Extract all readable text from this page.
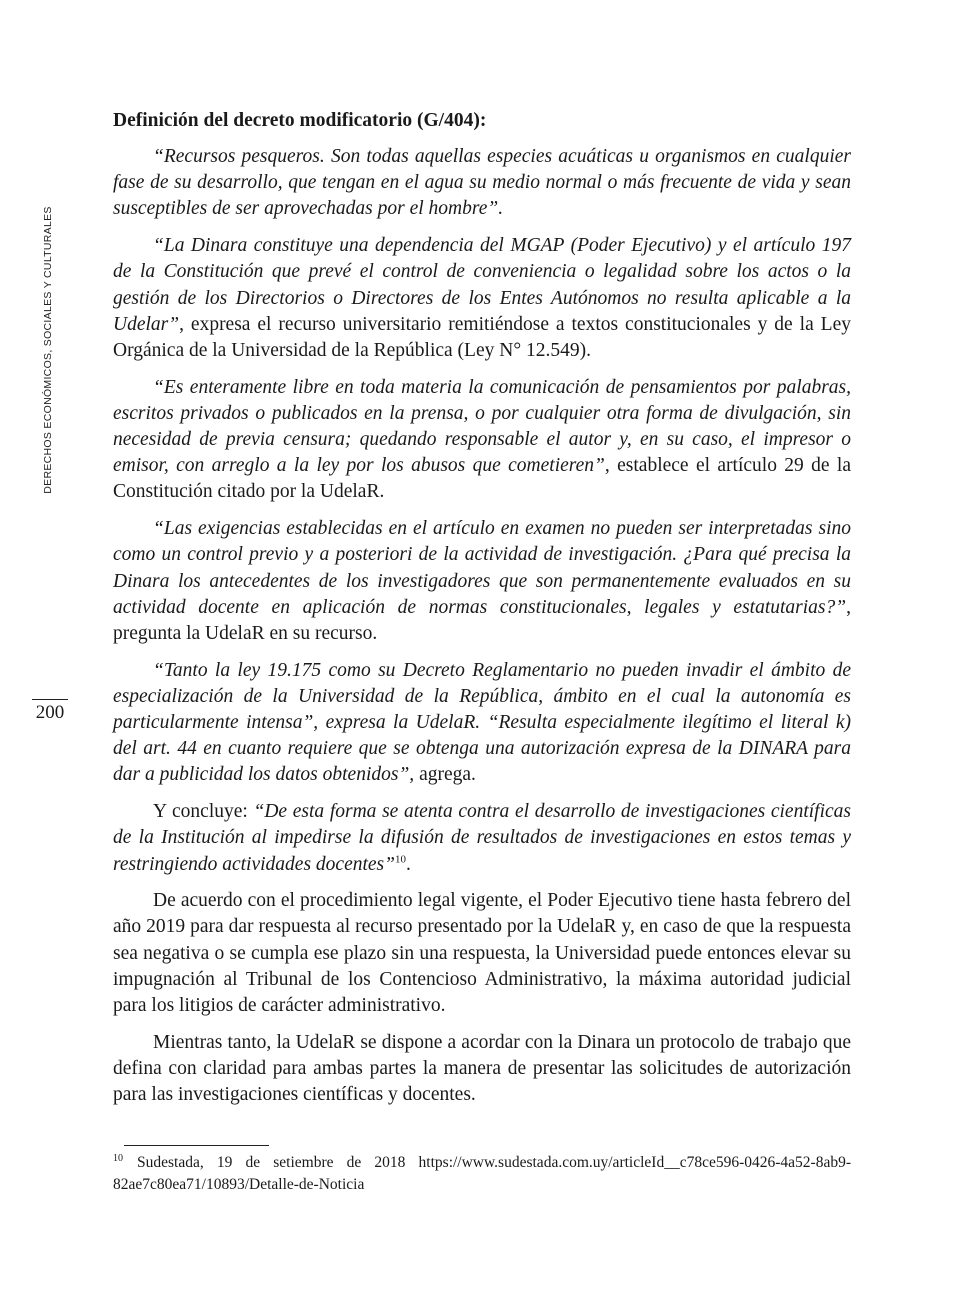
DERECHOS ECONÓMICOS, SOCIALES Y CULTURALES
200
Definición del decreto modificatorio (G/404):

“Recursos pesqueros. Son todas aquellas especies acuáticas u organismos en cualquier fase de su desarrollo, que tengan en el agua su medio normal o más frecuente de vida y sean susceptibles de ser aprovechadas por el hombre”.

“La Dinara constituye una dependencia del MGAP (Poder Ejecutivo) y el artículo 197 de la Constitución que prevé el control de conveniencia o legalidad sobre los actos o la gestión de los Directorios o Directores de los Entes Autónomos no resulta aplicable a la Udelar”, expresa el recurso universitario remitiéndose a textos constitucionales y de la Ley Orgánica de la Universidad de la República (Ley N° 12.549).

“Es enteramente libre en toda materia la comunicación de pensamientos por palabras, escritos privados o publicados en la prensa, o por cualquier otra forma de divulgación, sin necesidad de previa censura; quedando responsable el autor y, en su caso, el impresor o emisor, con arreglo a la ley por los abusos que cometieren”, establece el artículo 29 de la Constitución citado por la UdelaR.

“Las exigencias establecidas en el artículo en examen no pueden ser interpretadas sino como un control previo y a posteriori de la actividad de investigación. ¿Para qué precisa la Dinara los antecedentes de los investigadores que son permanentemente evaluados en su actividad docente en aplicación de normas constitucionales, legales y estatutarias?”, pregunta la UdelaR en su recurso.

“Tanto la ley 19.175 como su Decreto Reglamentario no pueden invadir el ámbito de especialización de la Universidad de la República, ámbito en el cual la autonomía es particularmente intensa”, expresa la UdelaR. “Resulta especialmente ilegítimo el literal k) del art. 44 en cuanto requiere que se obtenga una autorización expresa de la DINARA para dar a publicidad los datos obtenidos”, agrega.

Y concluye: “De esta forma se atenta contra el desarrollo de investigaciones científicas de la Institución al impedirse la difusión de resultados de investigaciones en estos temas y restringiendo actividades docentes”$^{10}$.

De acuerdo con el procedimiento legal vigente, el Poder Ejecutivo tiene hasta febrero del año 2019 para dar respuesta al recurso presentado por la UdelaR y, en caso de que la respuesta sea negativa o se cumpla ese plazo sin una respuesta, la Universidad puede entonces elevar su impugnación al Tribunal de los Contencioso Administrativo, la máxima autoridad judicial para los litigios de carácter administrativo.

Mientras tanto, la UdelaR se dispone a acordar con la Dinara un protocolo de trabajo que defina con claridad para ambas partes la manera de presentar las solicitudes de autorización para las investigaciones científicas y docentes.

$^{10}$ Sudestada, 19 de setiembre de 2018 https://www.sudestada.com.uy/articleId__c78ce596-0426-4a52-8ab9-82ae7c80ea71/10893/Detalle-de-Noticia
